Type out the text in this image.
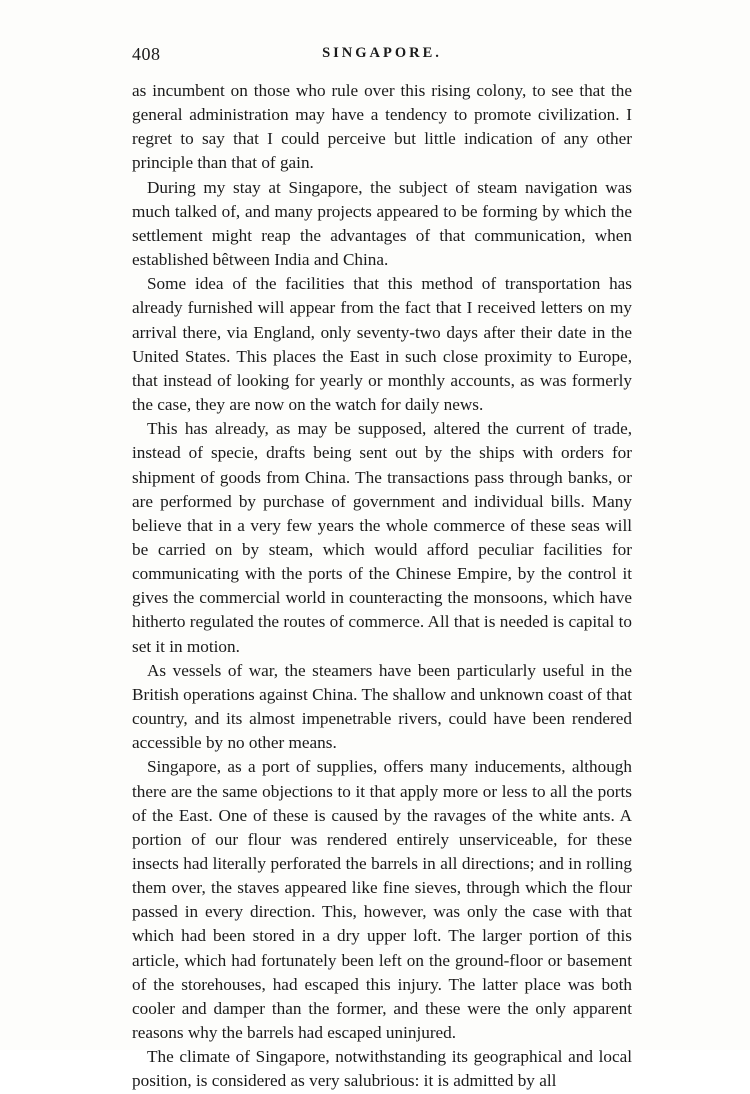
408	SINGAPORE.

as incumbent on those who rule over this rising colony, to see that the general administration may have a tendency to promote civilization. I regret to say that I could perceive but little indication of any other principle than that of gain.

During my stay at Singapore, the subject of steam navigation was much talked of, and many projects appeared to be forming by which the settlement might reap the advantages of that communication, when established bêtween India and China.

Some idea of the facilities that this method of transportation has already furnished will appear from the fact that I received letters on my arrival there, via England, only seventy-two days after their date in the United States. This places the East in such close proximity to Europe, that instead of looking for yearly or monthly accounts, as was formerly the case, they are now on the watch for daily news.

This has already, as may be supposed, altered the current of trade, instead of specie, drafts being sent out by the ships with orders for shipment of goods from China. The transactions pass through banks, or are performed by purchase of government and individual bills. Many believe that in a very few years the whole commerce of these seas will be carried on by steam, which would afford peculiar facilities for communicating with the ports of the Chinese Empire, by the control it gives the commercial world in counteracting the monsoons, which have hitherto regulated the routes of commerce. All that is needed is capital to set it in motion.

As vessels of war, the steamers have been particularly useful in the British operations against China. The shallow and unknown coast of that country, and its almost impenetrable rivers, could have been rendered accessible by no other means.

Singapore, as a port of supplies, offers many inducements, although there are the same objections to it that apply more or less to all the ports of the East. One of these is caused by the ravages of the white ants. A portion of our flour was rendered entirely unserviceable, for these insects had literally perforated the barrels in all directions; and in rolling them over, the staves appeared like fine sieves, through which the flour passed in every direction. This, however, was only the case with that which had been stored in a dry upper loft. The larger portion of this article, which had fortunately been left on the ground-floor or basement of the storehouses, had escaped this injury. The latter place was both cooler and damper than the former, and these were the only apparent reasons why the barrels had escaped uninjured.

The climate of Singapore, notwithstanding its geographical and local position, is considered as very salubrious: it is admitted by all
